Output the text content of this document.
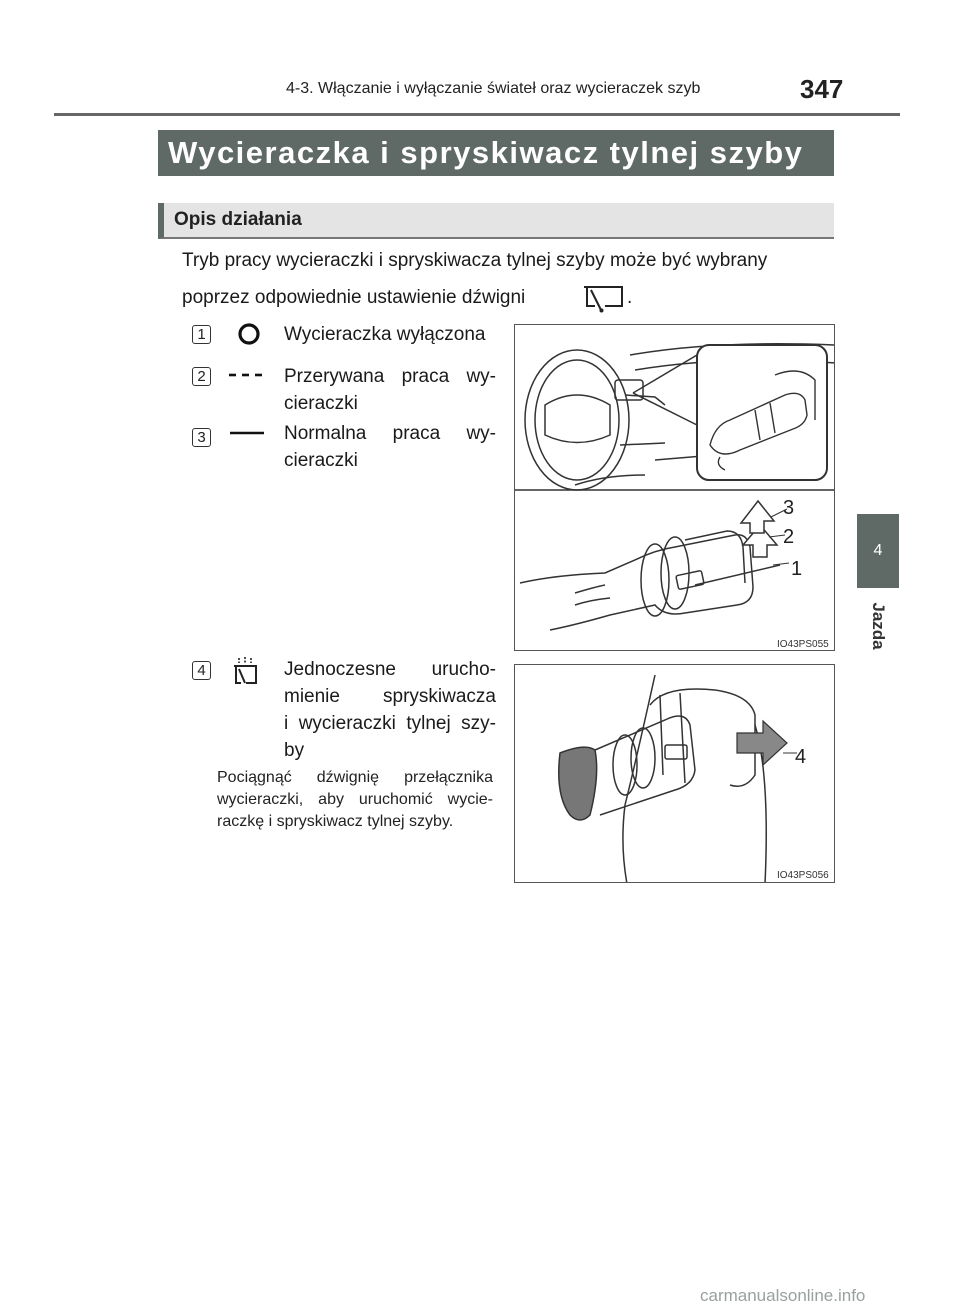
4-3. Włączanie i wyłączanie świateł oraz wycieraczek szyb	347
Wycieraczka i spryskiwacz tylnej szyby
Opis działania
Tryb pracy wycieraczki i spryskiwacza tylnej szyby może być wybrany
poprzez odpowiednie ustawienie dźwigni	.
1	Wycieraczka wyłączona
2	Przerywana praca wy-
cieraczki
3	Normalna praca wy-
cieraczki
4	Jednoczesne urucho-
mienie spryskiwacza
i wycieraczki tylnej szy-
by
Pociągnąć dźwignię przełącznika wycieraczki, aby uruchomić wycie-raczkę i spryskiwacz tylnej szyby.
3
2
1
IO43PS055
4
IO43PS056
4
Jazda
carmanualsonline.info
